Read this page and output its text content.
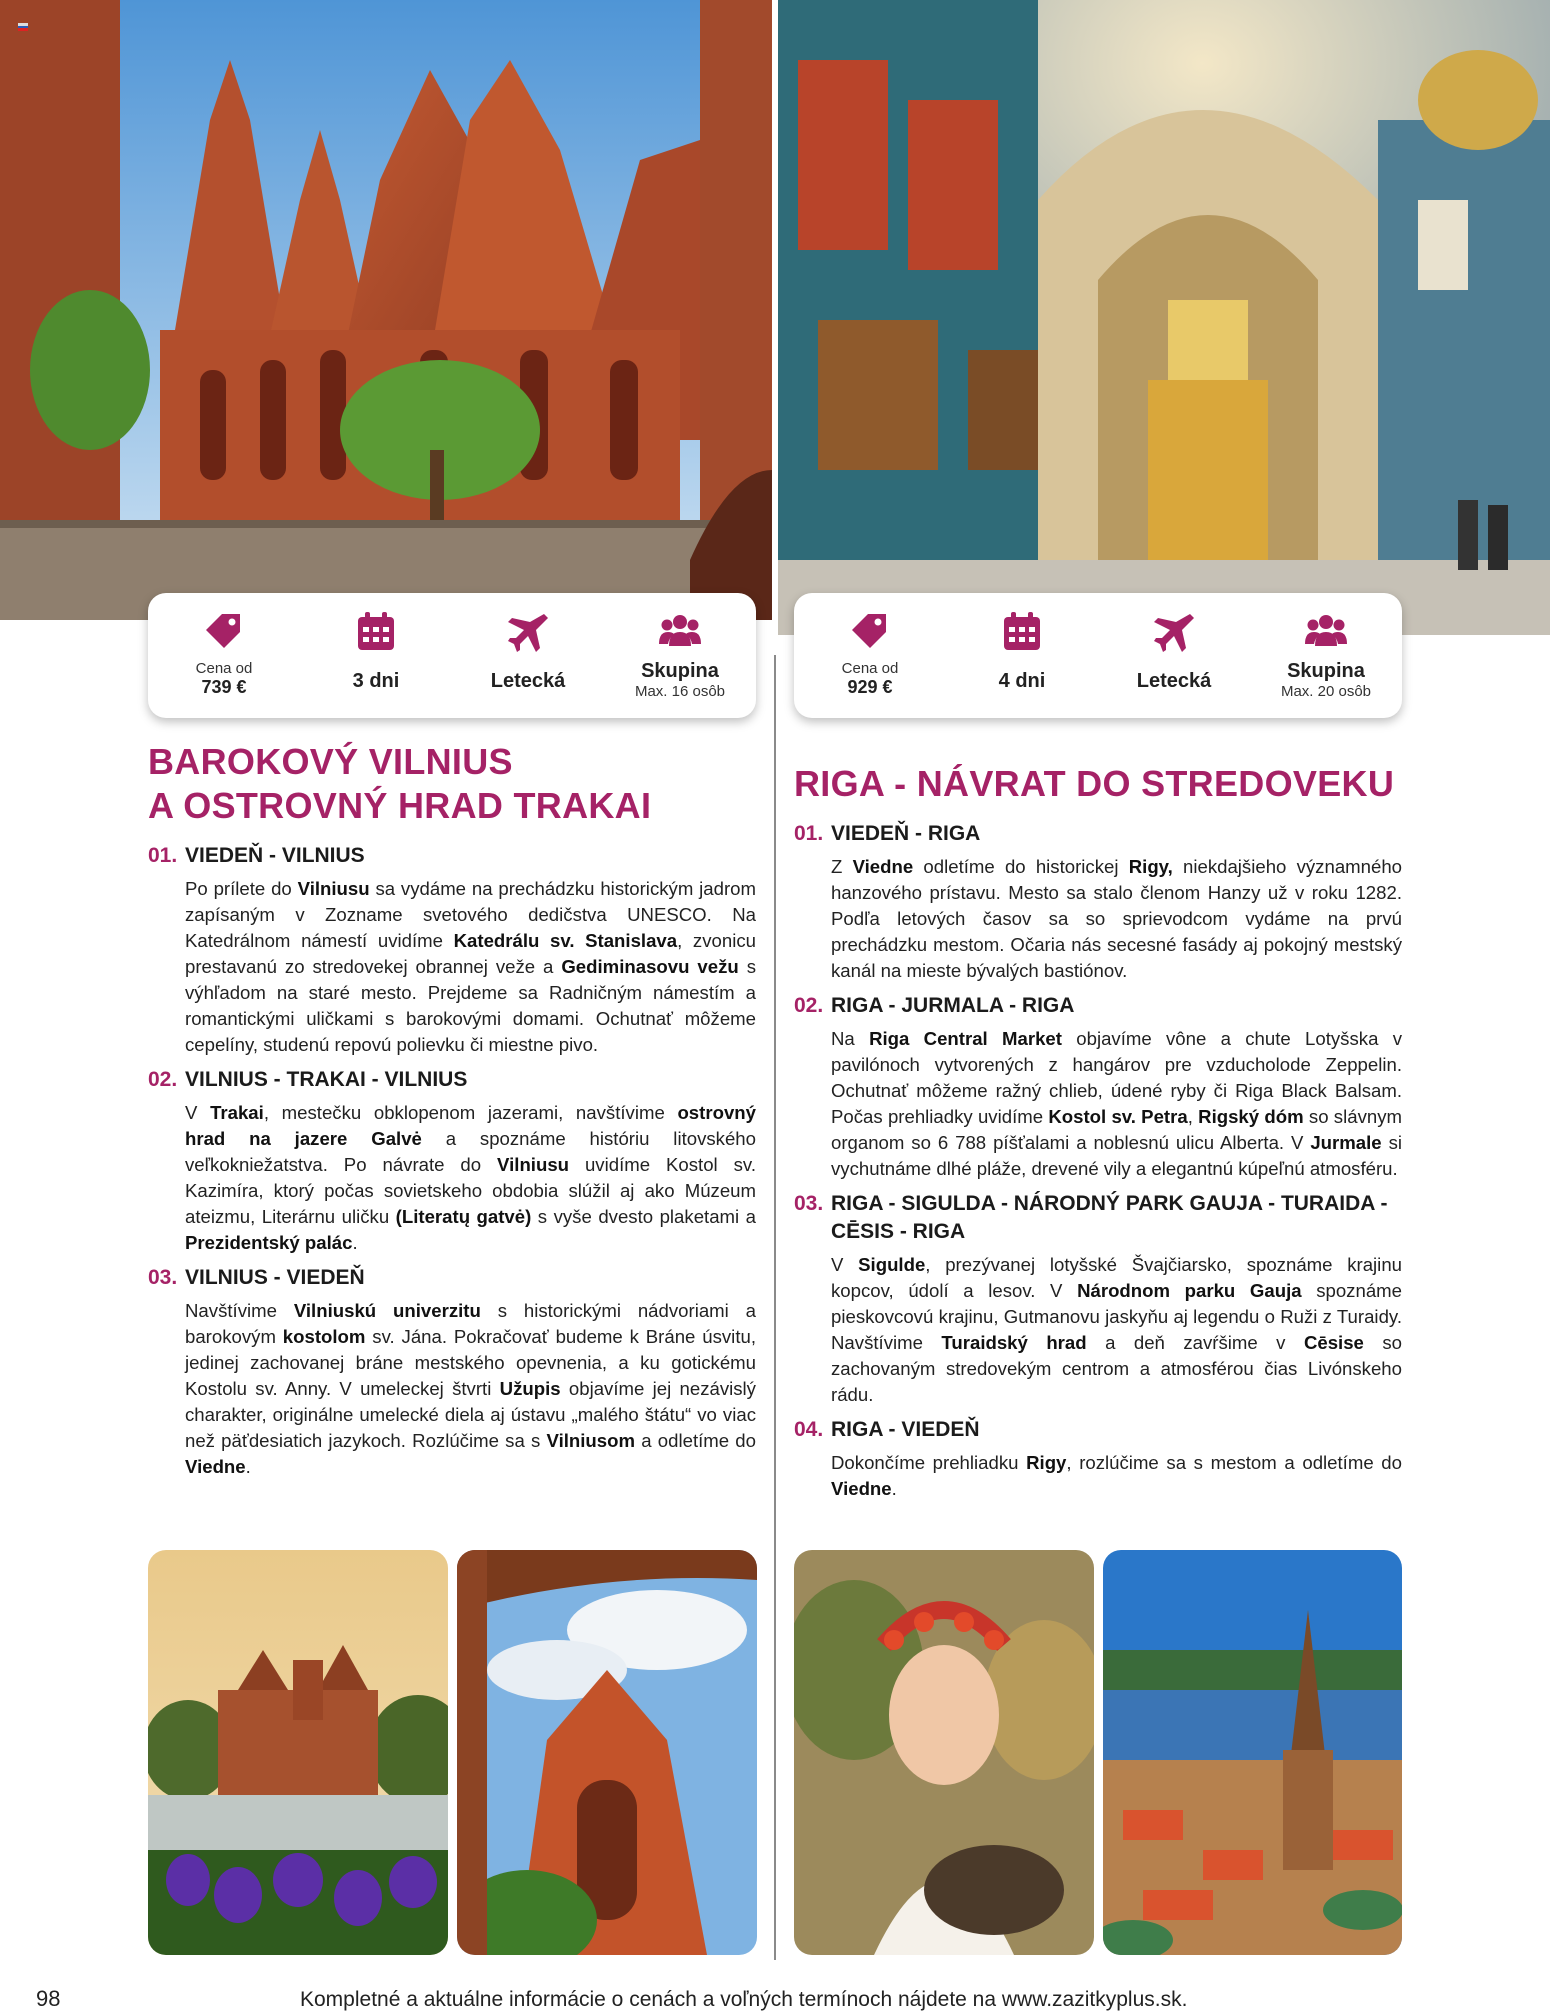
Cena od
739 €	3 dni	Letecká	Skupina
Max. 16 osôb
Cena od
929 €	4 dni	Letecká	Skupina
Max. 20 osôb
BAROKOVÝ VILNIUS
A OSTROVNÝ HRAD TRAKAI
01. VIEDEŇ - VILNIUS
Po prílete do Vilniusu sa vydáme na prechádzku historickým jadrom zapísaným v Zozname svetového dedičstva UNESCO. Na Katedrálnom námestí uvidíme Katedrálu sv. Stanislava, zvonicu prestavanú zo stredovekej obrannej veže a Gediminasovu vežu s výhľadom na staré mesto. Prejdeme sa Radničným námestím a romantickými uličkami s barokovými domami. Ochutnať môžeme cepelíny, studenú repovú polievku či miestne pivo.
02. VILNIUS - TRAKAI - VILNIUS
V Trakai, mestečku obklopenom jazerami, navštívime ostrovný hrad na jazere Galvė a spoznáme históriu litovského veľkokniežatstva. Po návrate do Vilniusu uvidíme Kostol sv. Kazimíra, ktorý počas sovietskeho obdobia slúžil aj ako Múzeum ateizmu, Literárnu uličku (Literatų gatvė) s vyše dvesto plaketami a Prezidentský palác.
03. VILNIUS - VIEDEŇ
Navštívime Vilniuskú univerzitu s historickými nádvoriami a barokovým kostolom sv. Jána. Pokračovať budeme k Bráne úsvitu, jedinej zachovanej bráne mestského opevnenia, a ku gotickému Kostolu sv. Anny. V umeleckej štvrti Užupis objavíme jej nezávislý charakter, originálne umelecké diela aj ústavu „malého štátu“ vo viac než päťdesiatich jazykoch. Rozlúčime sa s Vilniusom a odletíme do Viedne.
RIGA - NÁVRAT DO STREDOVEKU
01. VIEDEŇ - RIGA
Z Viedne odletíme do historickej Rigy, niekdajšieho významného hanzového prístavu. Mesto sa stalo členom Hanzy už v roku 1282. Podľa letových časov sa so sprievodcom vydáme na prvú prechádzku mestom. Očaria nás secesné fasády aj pokojný mestský kanál na mieste bývalých bastiónov.
02. RIGA - JURMALA - RIGA
Na Riga Central Market objavíme vône a chute Lotyšska v pavilónoch vytvorených z hangárov pre vzducholode Zeppelin. Ochutnať môžeme ražný chlieb, údené ryby či Riga Black Balsam. Počas prehliadky uvidíme Kostol sv. Petra, Rigský dóm so slávnym organom so 6 788 píšťalami a noblesnú ulicu Alberta. V Jurmale si vychutnáme dlhé pláže, drevené vily a elegantnú kúpeľnú atmosféru.
03. RIGA - SIGULDA - NÁRODNÝ PARK GAUJA - TURAIDA - CĒSIS - RIGA
V Sigulde, prezývanej lotyšské Švajčiarsko, spoznáme krajinu kopcov, údolí a lesov. V Národnom parku Gauja spoznáme pieskovcovú krajinu, Gutmanovu jaskyňu aj legendu o Ruži z Turaidy. Navštívime Turaidský hrad a deň zavŕšime v Cēsise so zachovaným stredovekým centrom a atmosférou čias Livónskeho rádu.
04. RIGA - VIEDEŇ
Dokončíme prehliadku Rigy, rozlúčime sa s mestom a odletíme do Viedne.
98	Kompletné a aktuálne informácie o cenách a voľných termínoch nájdete na www.zazitkyplus.sk.
